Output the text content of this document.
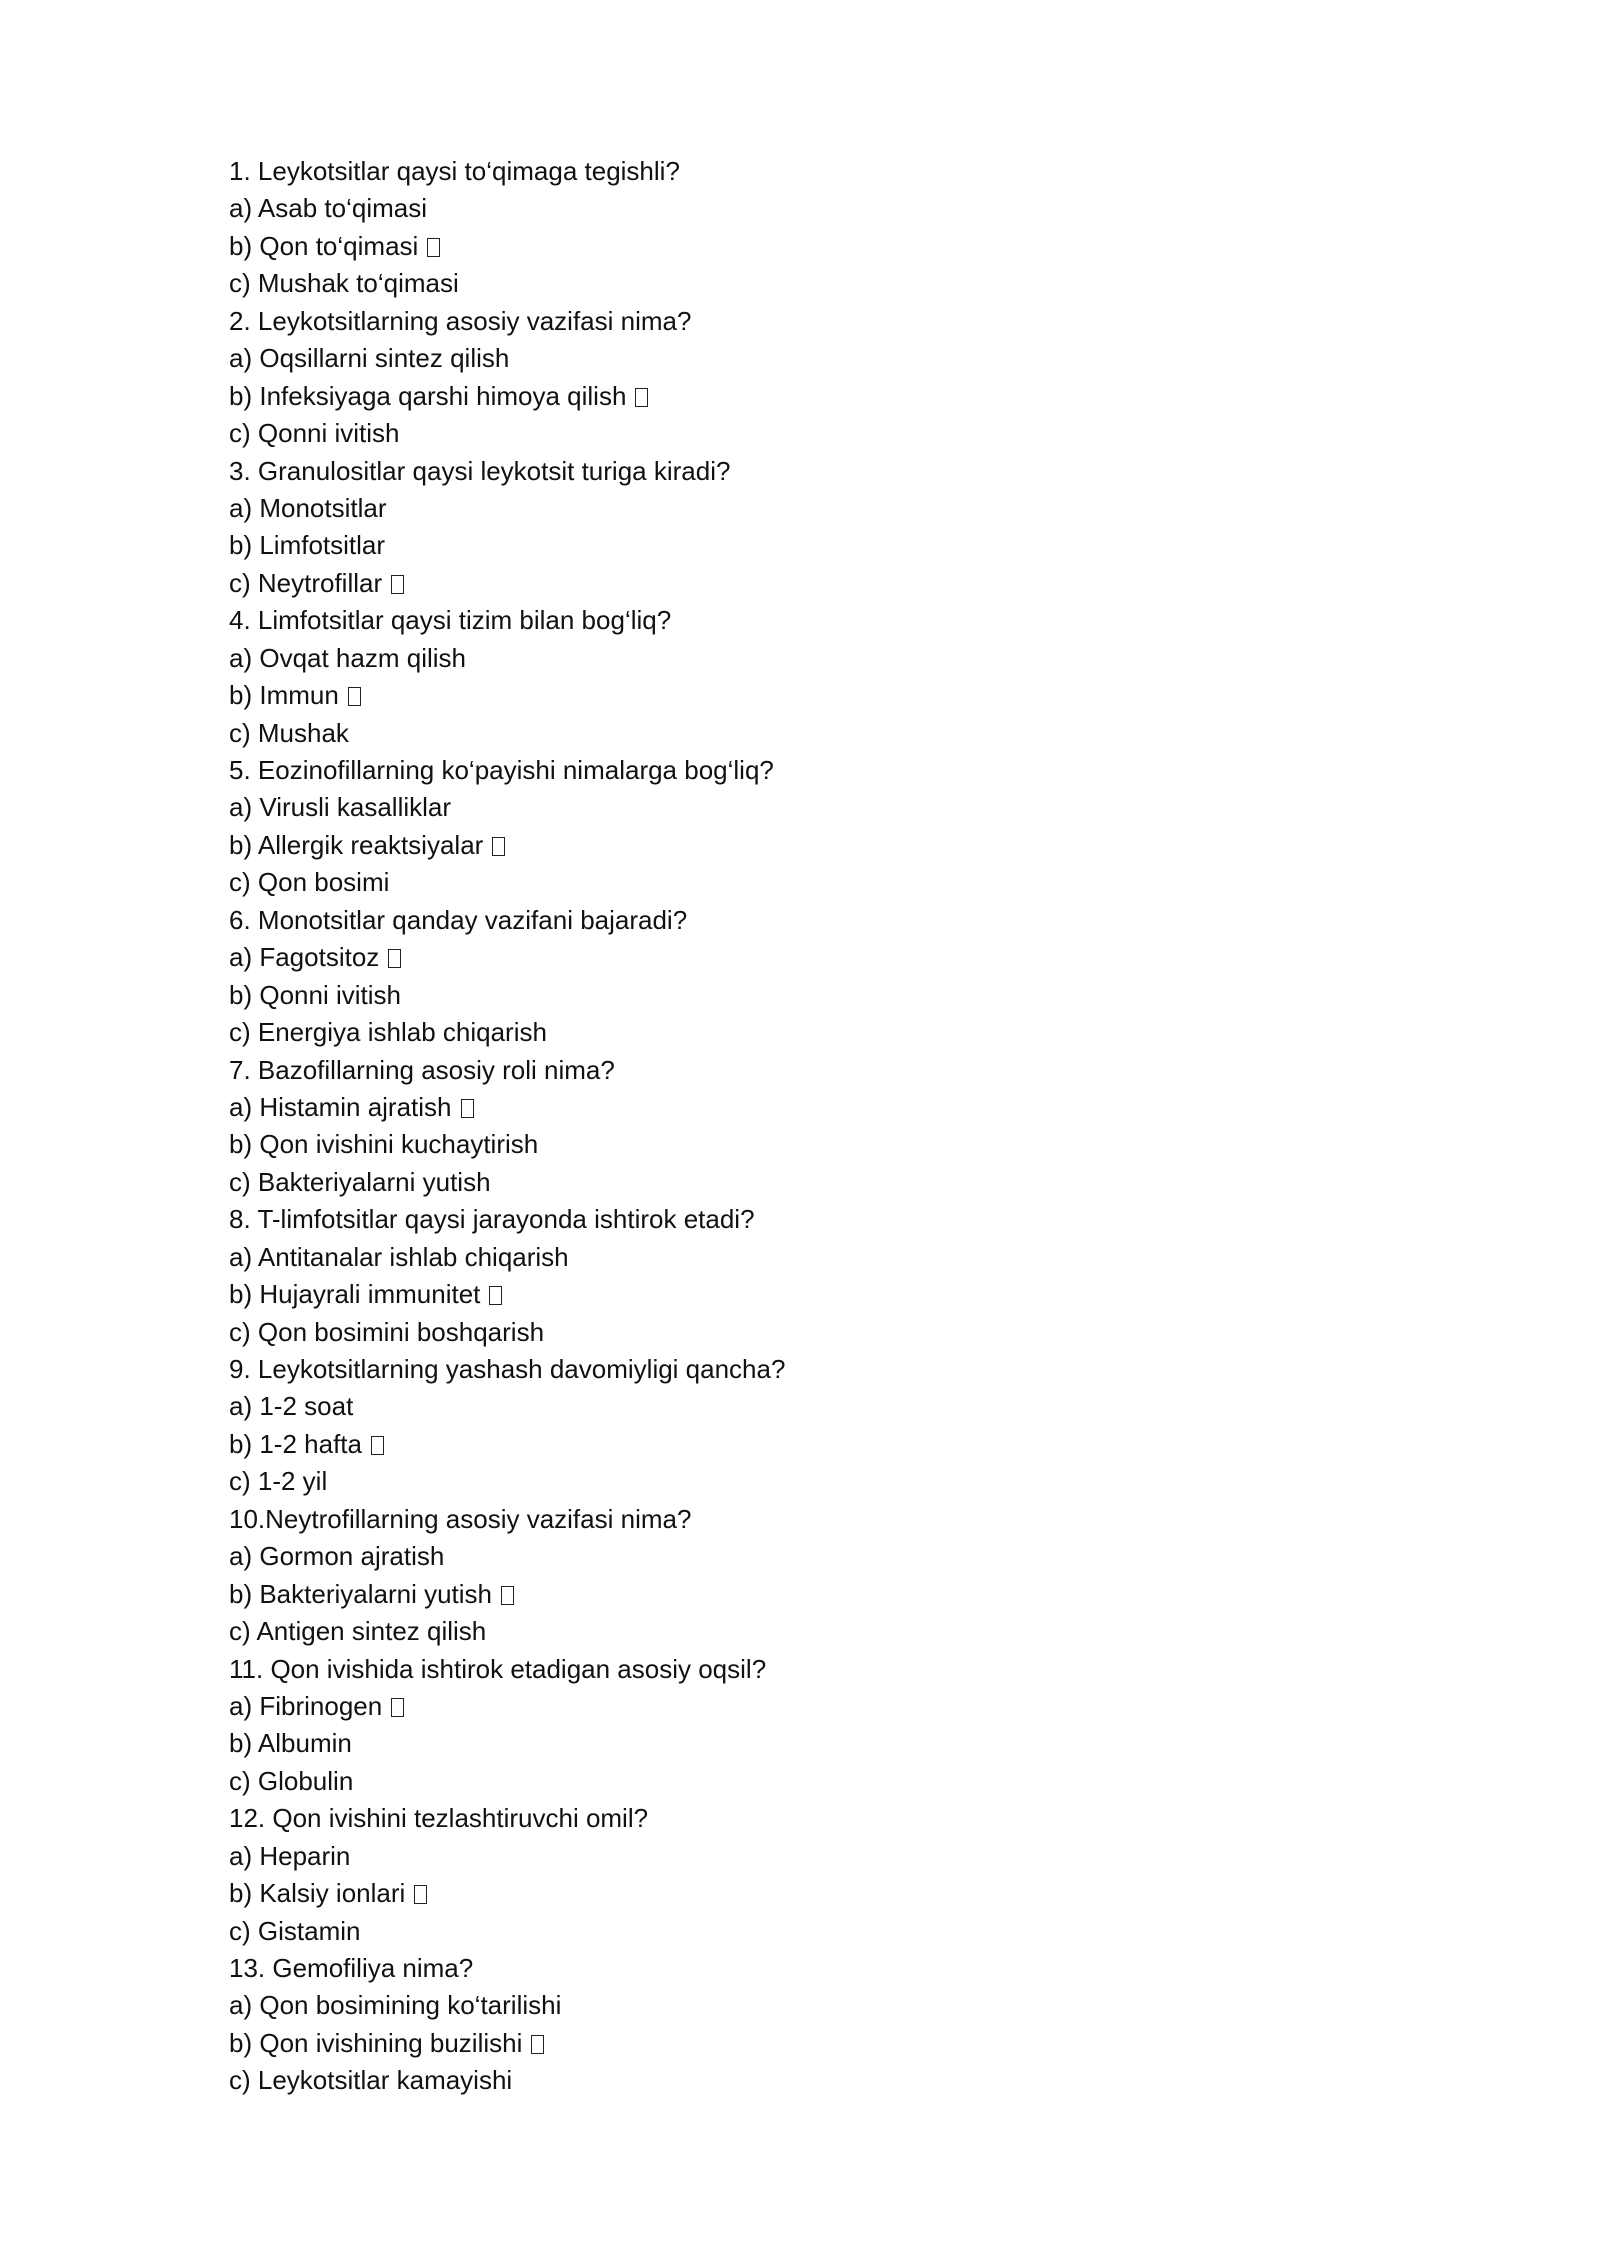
1. Leykotsitlar qaysi to‘qimaga tegishli?
a) Asab to‘qimasi
b) Qon to‘qimasi
c) Mushak to‘qimasi
2. Leykotsitlarning asosiy vazifasi nima?
a) Oqsillarni sintez qilish
b) Infeksiyaga qarshi himoya qilish
c) Qonni ivitish
3. Granulositlar qaysi leykotsit turiga kiradi?
a) Monotsitlar
b) Limfotsitlar
c) Neytrofillar
4. Limfotsitlar qaysi tizim bilan bog‘liq?
a) Ovqat hazm qilish
b) Immun
c) Mushak
5. Eozinofillarning ko‘payishi nimalarga bog‘liq?
a) Virusli kasalliklar
b) Allergik reaktsiyalar
c) Qon bosimi
6. Monotsitlar qanday vazifani bajaradi?
a) Fagotsitoz
b) Qonni ivitish
c) Energiya ishlab chiqarish
7. Bazofillarning asosiy roli nima?
a) Histamin ajratish
b) Qon ivishini kuchaytirish
c) Bakteriyalarni yutish
8. T-limfotsitlar qaysi jarayonda ishtirok etadi?
a) Antitanalar ishlab chiqarish
b) Hujayrali immunitet
c) Qon bosimini boshqarish
9. Leykotsitlarning yashash davomiyligi qancha?
a) 1-2 soat
b) 1-2 hafta
c) 1-2 yil
10.Neytrofillarning asosiy vazifasi nima?
a) Gormon ajratish
b) Bakteriyalarni yutish
c) Antigen sintez qilish
11. Qon ivishida ishtirok etadigan asosiy oqsil?
a) Fibrinogen
b) Albumin
c) Globulin
12. Qon ivishini tezlashtiruvchi omil?
a) Heparin
b) Kalsiy ionlari
c) Gistamin
13. Gemofiliya nima?
a) Qon bosimining ko‘tarilishi
b) Qon ivishining buzilishi
c) Leykotsitlar kamayishi
